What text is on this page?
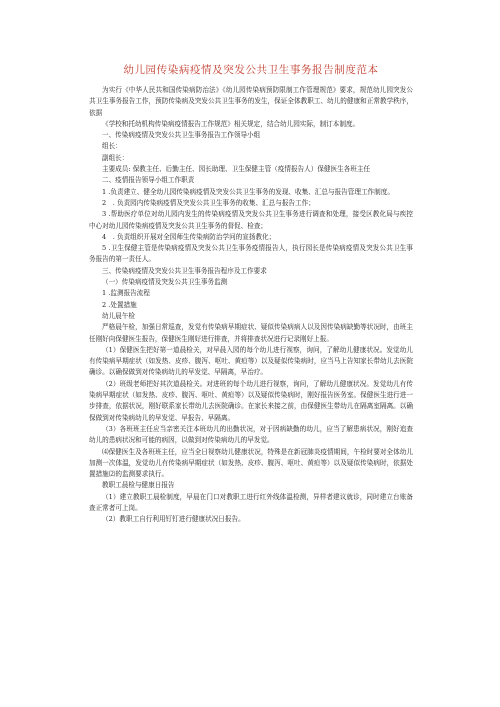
幼儿园传染病疫情及突发公共卫生事务报告制度范本

为实行《中华人民共和国传染病防治法》《幼儿园传染病预防限制工作管理规范》要求，规范幼儿园突发公共卫生事务报告工作，预防传染病及突发公共卫生事务的发生，保证全体教职工、幼儿的健康和正常教学秩序，依据

《学校和托幼机构传染病疫情报告工作规范》相关规定，结合幼儿园实际，制订本制度。

一、传染病疫情及突发公共卫生事务报告工作领导小组

组长：

副组长：

主要成员: 保教主任、后勤主任、园长助理、卫生保健主管（疫情报告人）保健医生各班主任

二、疫情报告领导小组工作职责

1 .负责建立、健全幼儿园传染病疫情及突发公共卫生事务的发现、收集、汇总与报告管理工作制度。

2　. 负责园内传染病疫情及突发公共卫生事务的收集、汇总与报告工作；

3 .帮助医疗单位对幼儿园内发生的传染病疫情及突发公共卫生事务进行调查和处理，接受区教化局与疾控中心对幼儿园传染病疫情及突发公共卫生事务的督促、检查；

4　. 负责组织开展对全园师生传染病防治学问的宣扬教化；

5 .卫生保健主管是传染病疫情及突发公共卫生事务疫情报告人，执行园长是传染病疫情及突发公共卫生事务报告的第一责任人。

三、传染病疫情及突发公共卫生事务报告程序及工作要求

（一）传染病疫情及突发公共卫生事务监测

1 .监测报告流程

2 .处置措施

幼儿晨午检

严格晨午检，加强日常巡查，发觉有传染病早期症状、疑似传染病病人以及因传染病缺勤等状况时，由班主任刚好向保健医生报告，保健医生刚好进行排查，并将排查状况进行记录刚好上报。

（1）保健医生把好第一道晨检关，对早晨入园的每个幼儿进行视察，询问，了解幼儿健康状况。发觉幼儿有传染病早期症状（如发热、皮疹、腹泻、呕吐、黄疸等）以及疑似传染病时，应当马上告知家长带幼儿去医院确诊。以确保做到对传染病幼儿的早发觉、早隔离，早治疗。

（2）班级老师把好其次道晨检关。对进班的每个幼儿进行视察，询问，了解幼儿健康状况。发觉幼儿有传染病早期症状（如发热、皮疹、腹泻、呕吐、黄疸等）以及疑似传染病时，刚好报告医务室。保健医生进行进一步排查，依据状况，刚好联系家长带幼儿去医院确诊。在家长来接之前，由保健医生带幼儿在隔离室隔离。以确保做到对传染病幼儿的早发觉、早报告、早隔离。

（3）各班班主任应当亲密关注本班幼儿的出勤状况，对于因病缺勤的幼儿，应当了解患病状况，刚好追查幼儿的患病状况和可能的病因，以做到对传染病幼儿的早发觉。

⑷保健医生及各班班主任，应当全日视察幼儿健康状况，特殊是在新冠肺炎疫情期间，午检时要对全体幼儿加测一次体温，发觉幼儿有传染病早期症状（如发热、皮疹、腹泻、呕吐、黄疸等）以及疑似传染病时，依据处置措施⑵的监测要求执行。

教职工晨检与健康日报告

（1）建立教职工晨检制度，早晨在门口对教职工进行红外线体温检测，异样者建议就诊，同时建立台账备查正常者可上岗。

（2）教职工自行利用钉钉进行健康状况日报告。
